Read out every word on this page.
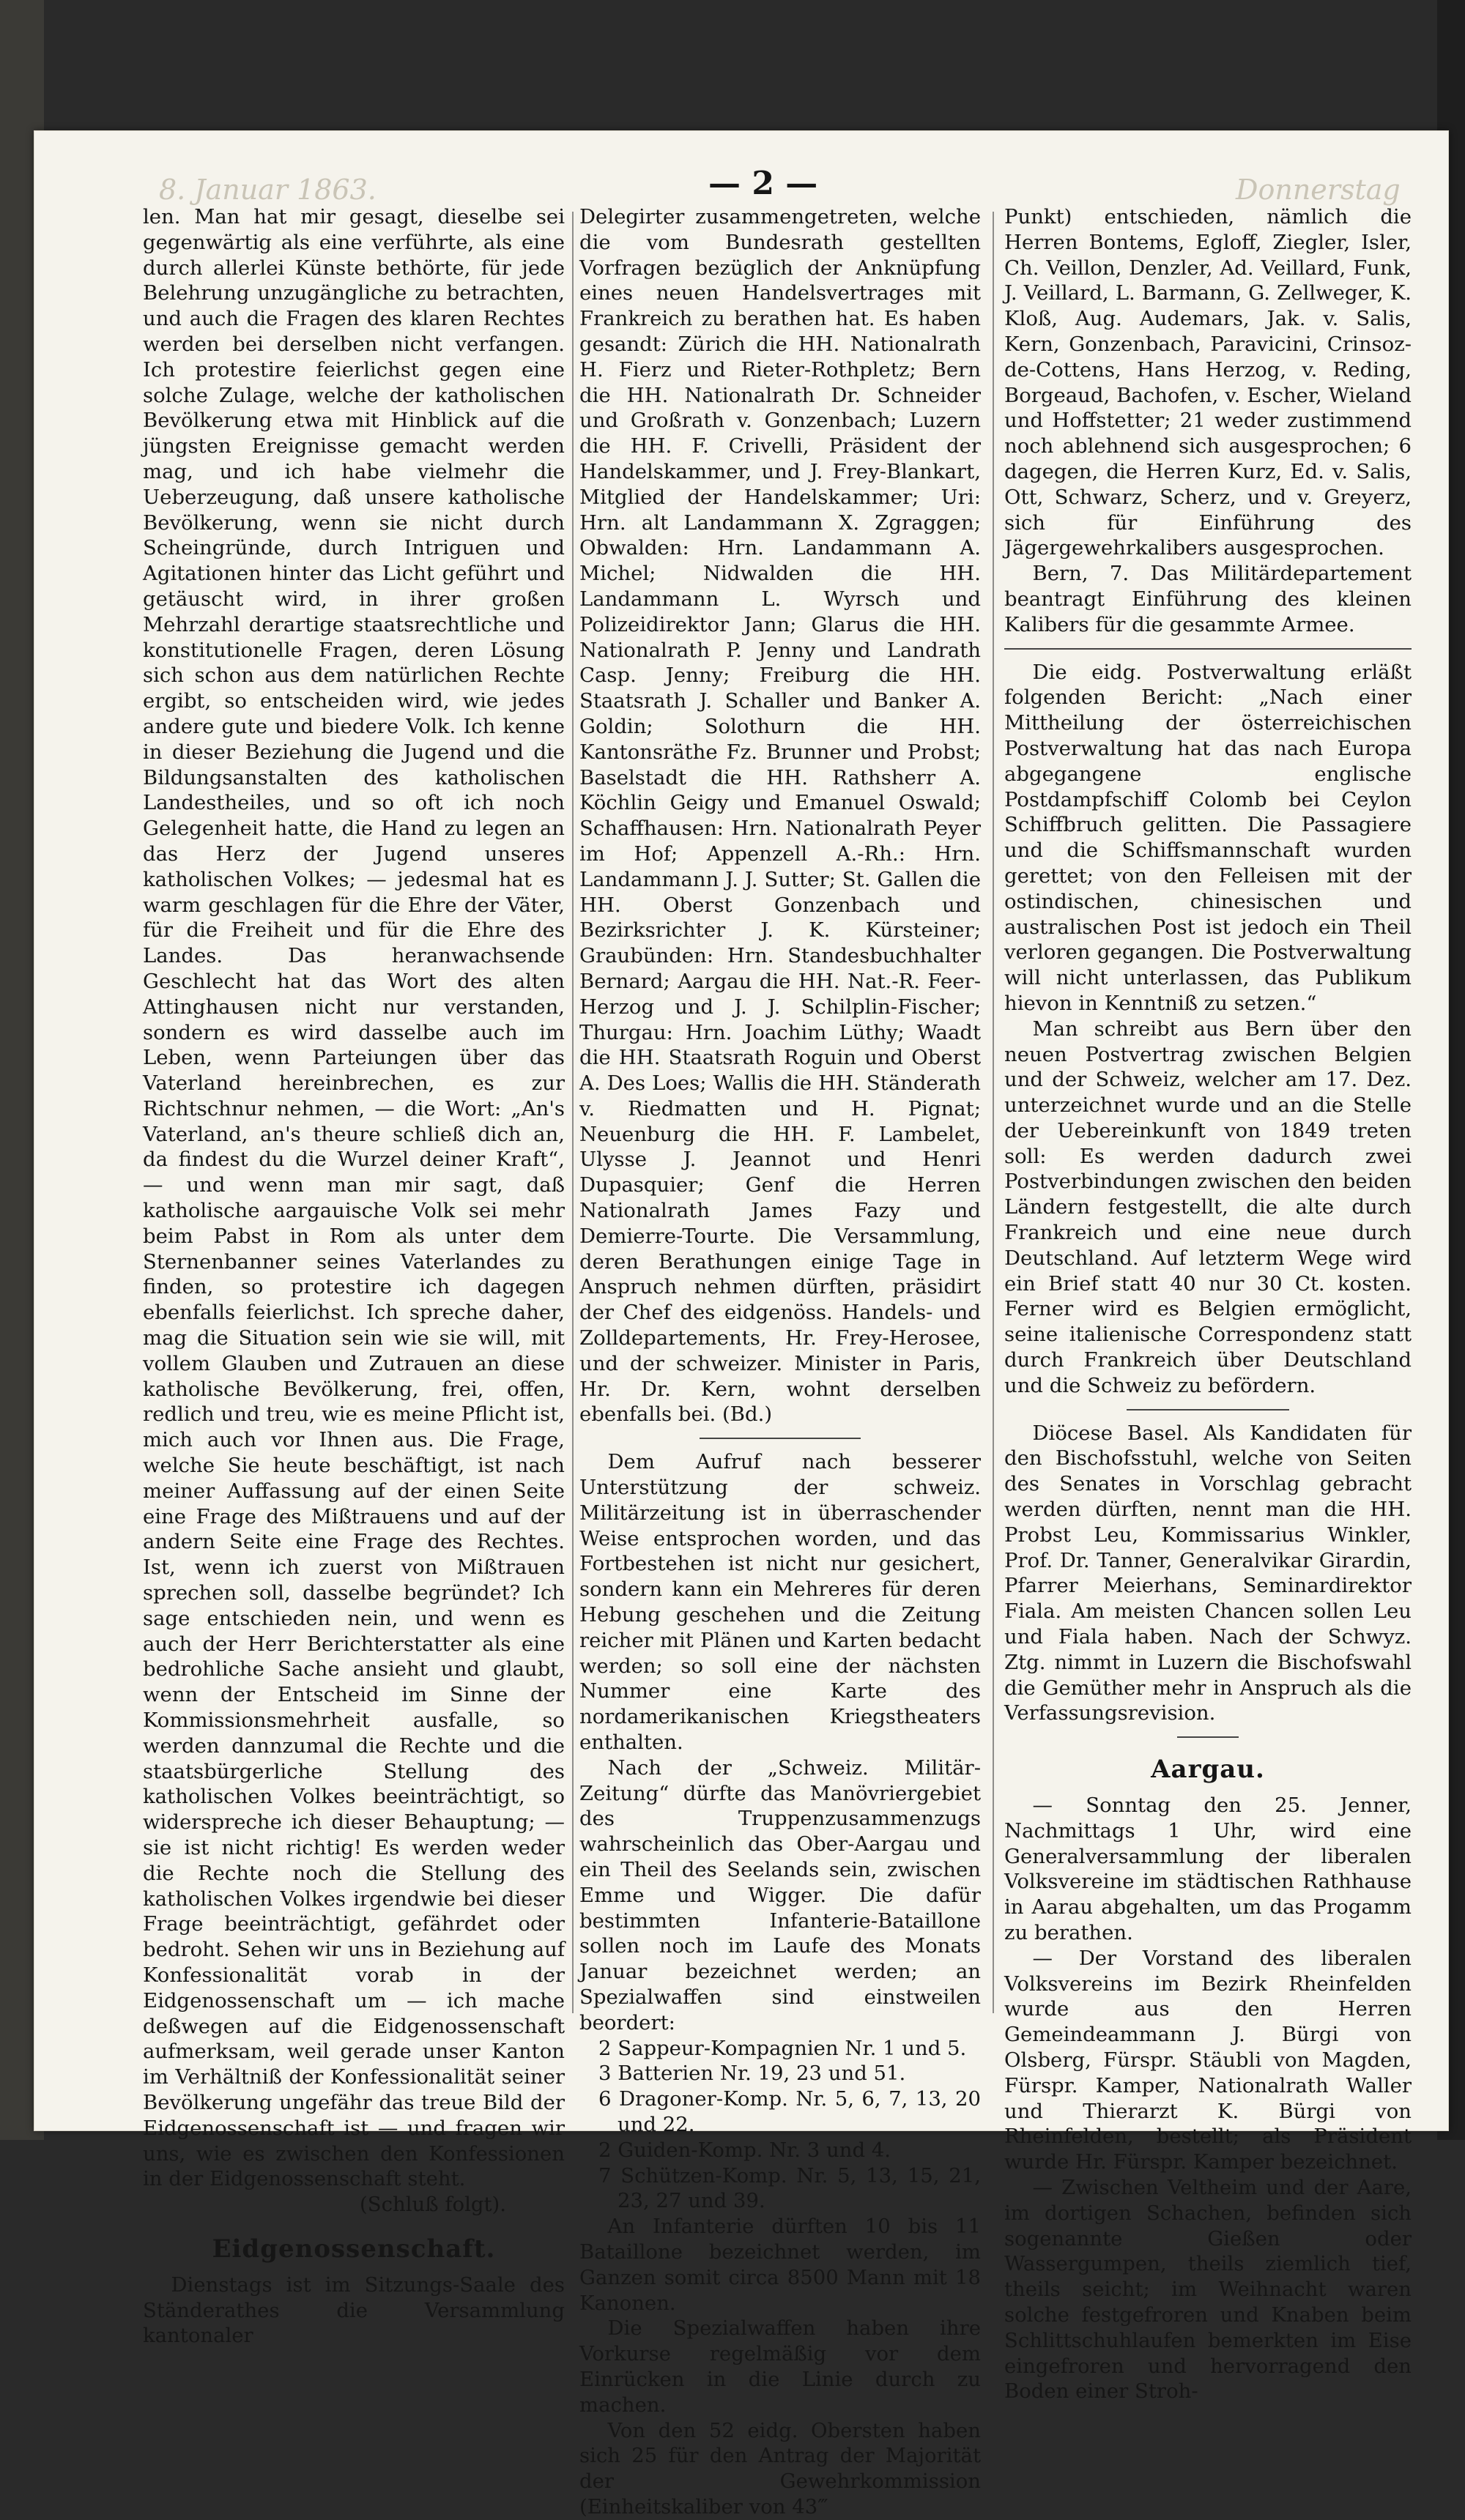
8. Januar 1863.	Donnerstag
— 2 —

len. Man hat mir gesagt, dieselbe sei gegenwärtig als eine verführte, als eine durch allerlei Künste bethörte, für jede Belehrung unzugängliche zu betrachten, und auch die Fragen des klaren Rechtes werden bei derselben nicht verfangen. Ich protestire feierlichst gegen eine solche Zulage, welche der katholischen Bevölkerung etwa mit Hinblick auf die jüngsten Ereignisse gemacht werden mag, und ich habe vielmehr die Ueberzeugung, daß unsere katholische Bevölkerung, wenn sie nicht durch Scheingründe, durch Intriguen und Agitationen hinter das Licht geführt und getäuscht wird, in ihrer großen Mehrzahl derartige staatsrechtliche und konstitutionelle Fragen, deren Lösung sich schon aus dem natürlichen Rechte ergibt, so entscheiden wird, wie jedes andere gute und biedere Volk. Ich kenne in dieser Beziehung die Jugend und die Bildungsanstalten des katholischen Landestheiles, und so oft ich noch Gelegenheit hatte, die Hand zu legen an das Herz der Jugend unseres katholischen Volkes; — jedesmal hat es warm geschlagen für die Ehre der Väter, für die Freiheit und für die Ehre des Landes. Das heranwachsende Geschlecht hat das Wort des alten Attinghausen nicht nur verstanden, sondern es wird dasselbe auch im Leben, wenn Parteiungen über das Vaterland hereinbrechen, es zur Richtschnur nehmen, — die Wort: „An's Vaterland, an's theure schließ dich an, da findest du die Wurzel deiner Kraft“, — und wenn man mir sagt, daß katholische aargauische Volk sei mehr beim Pabst in Rom als unter dem Sternenbanner seines Vaterlandes zu finden, so protestire ich dagegen ebenfalls feierlichst. Ich spreche daher, mag die Situation sein wie sie will, mit vollem Glauben und Zutrauen an diese katholische Bevölkerung, frei, offen, redlich und treu, wie es meine Pflicht ist, mich auch vor Ihnen aus. Die Frage, welche Sie heute beschäftigt, ist nach meiner Auffassung auf der einen Seite eine Frage des Mißtrauens und auf der andern Seite eine Frage des Rechtes. Ist, wenn ich zuerst von Mißtrauen sprechen soll, dasselbe begründet? Ich sage entschieden nein, und wenn es auch der Herr Berichterstatter als eine bedrohliche Sache ansieht und glaubt, wenn der Entscheid im Sinne der Kommissionsmehrheit ausfalle, so werden dannzumal die Rechte und die staatsbürgerliche Stellung des katholischen Volkes beeinträchtigt, so widerspreche ich dieser Behauptung; — sie ist nicht richtig! Es werden weder die Rechte noch die Stellung des katholischen Volkes irgendwie bei dieser Frage beeinträchtigt, gefährdet oder bedroht. Sehen wir uns in Beziehung auf Konfessionalität vorab in der Eidgenossenschaft um — ich mache deßwegen auf die Eidgenossenschaft aufmerksam, weil gerade unser Kanton im Verhältniß der Konfessionalität seiner Bevölkerung ungefähr das treue Bild der Eidgenossenschaft ist — und fragen wir uns, wie es zwischen den Konfessionen in der Eidgenossenschaft steht.

(Schluß folgt).

Eidgenossenschaft.

Dienstags ist im Sitzungs-Saale des Ständerathes die Versammlung kantonaler

Delegirter zusammengetreten, welche die vom Bundesrath gestellten Vorfragen bezüglich der Anknüpfung eines neuen Handelsvertrages mit Frankreich zu berathen hat. Es haben gesandt: Zürich die HH. Nationalrath H. Fierz und Rieter-Rothpletz; Bern die HH. Nationalrath Dr. Schneider und Großrath v. Gonzenbach; Luzern die HH. F. Crivelli, Präsident der Handelskammer, und J. Frey-Blankart, Mitglied der Handelskammer; Uri: Hrn. alt Landammann X. Zgraggen; Obwalden: Hrn. Landammann A. Michel; Nidwalden die HH. Landammann L. Wyrsch und Polizeidirektor Jann; Glarus die HH. Nationalrath P. Jenny und Landrath Casp. Jenny; Freiburg die HH. Staatsrath J. Schaller und Banker A. Goldin; Solothurn die HH. Kantonsräthe Fz. Brunner und Probst; Baselstadt die HH. Rathsherr A. Köchlin Geigy und Emanuel Oswald; Schaffhausen: Hrn. Nationalrath Peyer im Hof; Appenzell A.-Rh.: Hrn. Landammann J. J. Sutter; St. Gallen die HH. Oberst Gonzenbach und Bezirksrichter J. K. Kürsteiner; Graubünden: Hrn. Standesbuchhalter Bernard; Aargau die HH. Nat.-R. Feer-Herzog und J. J. Schilplin-Fischer; Thurgau: Hrn. Joachim Lüthy; Waadt die HH. Staatsrath Roguin und Oberst A. Des Loes; Wallis die HH. Ständerath v. Riedmatten und H. Pignat; Neuenburg die HH. F. Lambelet, Ulysse J. Jeannot und Henri Dupasquier; Genf die Herren Nationalrath James Fazy und Demierre-Tourte. Die Versammlung, deren Berathungen einige Tage in Anspruch nehmen dürften, präsidirt der Chef des eidgenöss. Handels- und Zolldepartements, Hr. Frey-Herosee, und der schweizer. Minister in Paris, Hr. Dr. Kern, wohnt derselben ebenfalls bei. (Bd.)

Dem Aufruf nach besserer Unterstützung der schweiz. Militärzeitung ist in überraschender Weise entsprochen worden, und das Fortbestehen ist nicht nur gesichert, sondern kann ein Mehreres für deren Hebung geschehen und die Zeitung reicher mit Plänen und Karten bedacht werden; so soll eine der nächsten Nummer eine Karte des nordamerikanischen Kriegstheaters enthalten.

Nach der „Schweiz. Militär-Zeitung“ dürfte das Manövriergebiet des Truppenzusammenzugs wahrscheinlich das Ober-Aargau und ein Theil des Seelands sein, zwischen Emme und Wigger. Die dafür bestimmten Infanterie-Bataillone sollen noch im Laufe des Monats Januar bezeichnet werden; an Spezialwaffen sind einstweilen beordert:

2 Sappeur-Kompagnien Nr. 1 und 5.
3 Batterien Nr. 19, 23 und 51.
6 Dragoner-Komp. Nr. 5, 6, 7, 13, 20 und 22.
2 Guiden-Komp. Nr. 3 und 4.
7 Schützen-Komp. Nr. 5, 13, 15, 21, 23, 27 und 39.

An Infanterie dürften 10 bis 11 Bataillone bezeichnet werden, im Ganzen somit circa 8500 Mann mit 18 Kanonen.

Die Spezialwaffen haben ihre Vorkurse regelmäßig vor dem Einrücken in die Linie durch zu machen.

Von den 52 eidg. Obersten haben sich 25 für den Antrag der Majorität der Gewehrkommission (Einheitskaliber von 43‴

Punkt) entschieden, nämlich die Herren Bontems, Egloff, Ziegler, Isler, Ch. Veillon, Denzler, Ad. Veillard, Funk, J. Veillard, L. Barmann, G. Zellweger, K. Kloß, Aug. Audemars, Jak. v. Salis, Kern, Gonzenbach, Paravicini, Crinsoz-de-Cottens, Hans Herzog, v. Reding, Borgeaud, Bachofen, v. Escher, Wieland und Hoffstetter; 21 weder zustimmend noch ablehnend sich ausgesprochen; 6 dagegen, die Herren Kurz, Ed. v. Salis, Ott, Schwarz, Scherz, und v. Greyerz, sich für Einführung des Jägergewehrkalibers ausgesprochen.

Bern, 7. Das Militärdepartement beantragt Einführung des kleinen Kalibers für die gesammte Armee.

Die eidg. Postverwaltung erläßt folgenden Bericht: „Nach einer Mittheilung der österreichischen Postverwaltung hat das nach Europa abgegangene englische Postdampfschiff Colomb bei Ceylon Schiffbruch gelitten. Die Passagiere und die Schiffsmannschaft wurden gerettet; von den Felleisen mit der ostindischen, chinesischen und australischen Post ist jedoch ein Theil verloren gegangen. Die Postverwaltung will nicht unterlassen, das Publikum hievon in Kenntniß zu setzen.“

Man schreibt aus Bern über den neuen Postvertrag zwischen Belgien und der Schweiz, welcher am 17. Dez. unterzeichnet wurde und an die Stelle der Uebereinkunft von 1849 treten soll: Es werden dadurch zwei Postverbindungen zwischen den beiden Ländern festgestellt, die alte durch Frankreich und eine neue durch Deutschland. Auf letzterm Wege wird ein Brief statt 40 nur 30 Ct. kosten. Ferner wird es Belgien ermöglicht, seine italienische Correspondenz statt durch Frankreich über Deutschland und die Schweiz zu befördern.

Diöcese Basel. Als Kandidaten für den Bischofsstuhl, welche von Seiten des Senates in Vorschlag gebracht werden dürften, nennt man die HH. Probst Leu, Kommissarius Winkler, Prof. Dr. Tanner, Generalvikar Girardin, Pfarrer Meierhans, Seminardirektor Fiala. Am meisten Chancen sollen Leu und Fiala haben. Nach der Schwyz. Ztg. nimmt in Luzern die Bischofswahl die Gemüther mehr in Anspruch als die Verfassungsrevision.

Aargau.

— Sonntag den 25. Jenner, Nachmittags 1 Uhr, wird eine Generalversammlung der liberalen Volksvereine im städtischen Rathhause in Aarau abgehalten, um das Progamm zu berathen.

— Der Vorstand des liberalen Volksvereins im Bezirk Rheinfelden wurde aus den Herren Gemeindeammann J. Bürgi von Olsberg, Fürspr. Stäubli von Magden, Fürspr. Kamper, Nationalrath Waller und Thierarzt K. Bürgi von Rheinfelden, bestellt; als Präsident wurde Hr. Fürspr. Kamper bezeichnet.

— Zwischen Veltheim und der Aare, im dortigen Schachen, befinden sich sogenannte Gießen oder Wassergumpen, theils ziemlich tief, theils seicht; im Weihnacht waren solche festgefroren und Knaben beim Schlittschuhlaufen bemerkten im Eise eingefroren und hervorragend den Boden einer Stroh-
